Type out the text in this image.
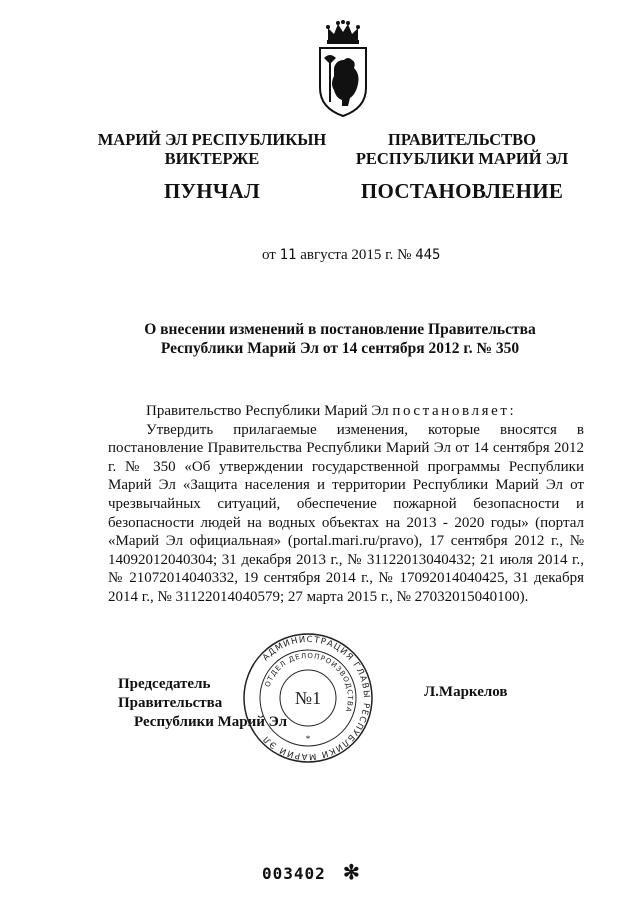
МАРИЙ ЭЛ РЕСПУБЛИКЫН
ВИКТЕРЖЕ
ПУНЧАЛ
ПРАВИТЕЛЬСТВО
РЕСПУБЛИКИ МАРИЙ ЭЛ
ПОСТАНОВЛЕНИЕ
от 11 августа 2015 г. № 445
О внесении изменений в постановление Правительства
Республики Марий Эл от 14 сентября 2012 г. № 350

Правительство Республики Марий Эл постановляет:

Утвердить прилагаемые изменения, которые вносятся в постановление Правительства Республики Марий Эл от 14 сентября 2012 г. № 350 «Об утверждении государственной программы Республики Марий Эл «Защита населения и территории Республики Марий Эл от чрезвычайных ситуаций, обеспечение пожарной безопасности и безопасности людей на водных объектах на 2013 - 2020 годы» (портал «Марий Эл официальная» (portal.mari.ru/pravo), 17 сентября 2012 г., № 14092012040304; 31 декабря 2013 г., № 31122013040432; 21 июля 2014 г., № 21072014040332, 19 сентября 2014 г., № 17092014040425, 31 декабря 2014 г., № 31122014040579; 27 марта 2015 г., № 27032015040100).

Председатель Правительства
Республики Марий Эл
Л.Маркелов
АДМИНИСТРАЦИЯ ГЛАВЫ РЕСПУБЛИКИ МАРИЙ ЭЛ
ОТДЕЛ ДЕЛОПРОИЗВОДСТВА
№1
*
003402 ✻
